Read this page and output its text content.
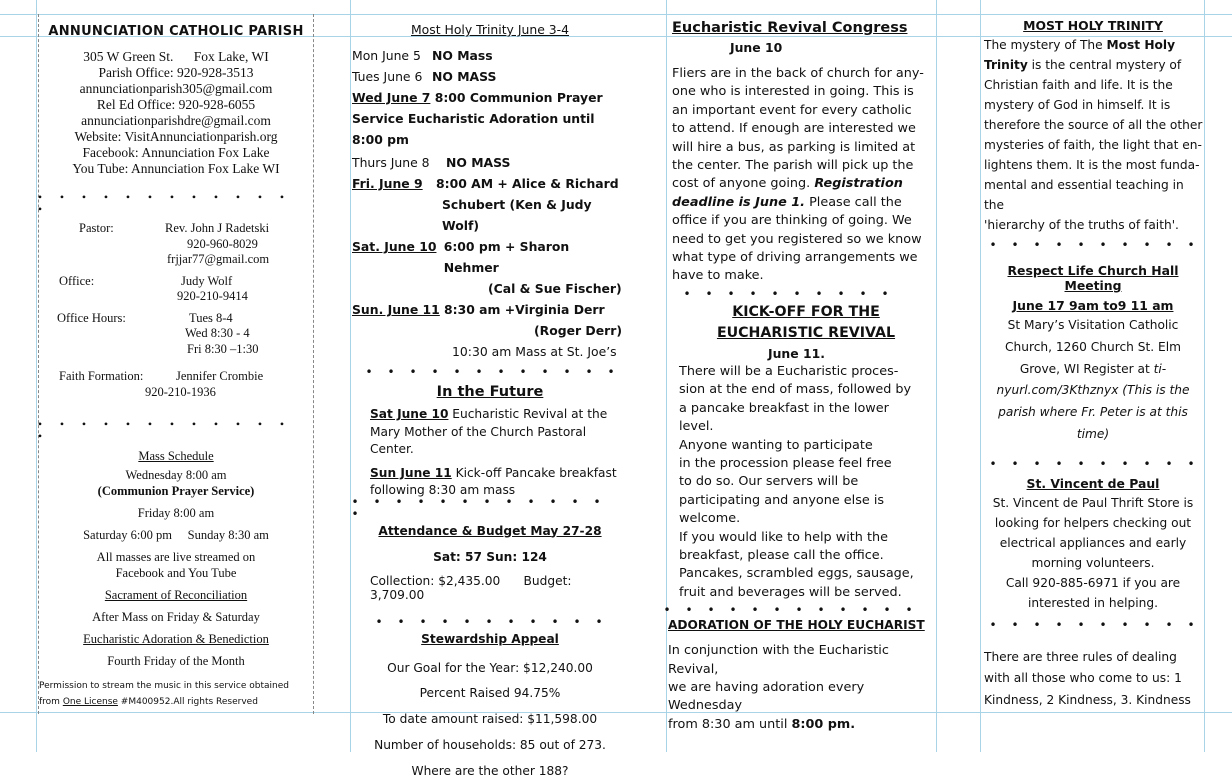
ANNUNCIATION CATHOLIC PARISH
305 W Green St. Fox Lake, WI
Parish Office: 920-928-3513
annunciationparish305@gmail.com
Rel Ed Office: 920-928-6055
annunciationparishdre@gmail.com
Website: VisitAnnunciationparish.org
Facebook: Annunciation Fox Lake
You Tube: Annunciation Fox Lake WI
• • • • • • • • • • • ••
Pastor:	Rev. John J Radetski
920-960-8029
frjjar77@gmail.com
Office:	Judy Wolf
920-210-9414
Office Hours:	Tues 8-4
Wed 8:30 - 4
Fri 8:30 –1:30
Faith Formation:	Jennifer Crombie
920-210-1936
• • • • • • • • • • • ••
Mass Schedule
Wednesday 8:00 am
(Communion Prayer Service)
Friday 8:00 am
Saturday 6:00 pm Sunday 8:30 am
All masses are live streamed on
Facebook and You Tube
Sacrament of Reconciliation
After Mass on Friday & Saturday
Eucharistic Adoration & Benediction
Fourth Friday of the Month
Permission to stream the music in this service obtained
from One License #M400952.All rights Reserved
Most Holy Trinity June 3-4
Mon June 5 NO Mass
Tues June 6 NO MASS
Wed June 7 8:00 Communion Prayer
Service Eucharistic Adoration until 8:00 pm
Thurs June 8	NO MASS
Fri. June 9	8:00 AM + Alice & Richard
Schubert (Ken & Judy Wolf)
Sat. June 10 6:00 pm + Sharon Nehmer
(Cal & Sue Fischer)
Sun. June 11 8:30 am +Virginia Derr
(Roger Derr)
10:30 am Mass at St. Joe’s
• • • • • • • • • • • •
In the Future
Sat June 10 Eucharistic Revival at the
Mary Mother of the Church Pastoral
Center.
Sun June 11 Kick-off Pancake breakfast
following 8:30 am mass
• • • • • • • • • • • ••
Attendance & Budget May 27-28
Sat: 57 Sun: 124
Collection: $2,435.00 Budget: 3,709.00
• • • • • • • • • • •
Stewardship Appeal
Our Goal for the Year: $12,240.00
Percent Raised 94.75%
To date amount raised: $11,598.00
Number of households: 85 out of 273.
Where are the other 188?
Eucharistic Revival Congress
June 10
Fliers are in the back of church for any-
one who is interested in going. This is
an important event for every catholic
to attend. If enough are interested we
will hire a bus, as parking is limited at
the center. The parish will pick up the
cost of anyone going. Registration
deadline is June 1. Please call the
office if you are thinking of going. We
need to get you registered so we know
what type of driving arrangements we
have to make.
• • • • • • • • • •
KICK-OFF FOR THE
EUCHARISTIC REVIVAL
June 11.
There will be a Eucharistic proces-
sion at the end of mass, followed by
a pancake breakfast in the lower
level.
Anyone wanting to participate
in the procession please feel free
to do so. Our servers will be
participating and anyone else is
welcome.
If you would like to help with the
breakfast, please call the office.
Pancakes, scrambled eggs, sausage,
fruit and beverages will be served.
• • • • • • • • • • • •
ADORATION OF THE HOLY EUCHARIST
In conjunction with the Eucharistic Revival,
we are having adoration every Wednesday
from 8:30 am until 8:00 pm.
MOST HOLY TRINITY
The mystery of The Most Holy
Trinity is the central mystery of
Christian faith and life. It is the
mystery of God in himself. It is
therefore the source of all the other
mysteries of faith, the light that en-
lightens them. It is the most funda-
mental and essential teaching in the
'hierarchy of the truths of faith'.
• • • • • • • • • •
Respect Life Church Hall Meeting
June 17 9am to9 11 am
St Mary’s Visitation Catholic
Church, 1260 Church St. Elm
Grove, WI Register at ti-
nyurl.com/3Kthznyx (This is the
parish where Fr. Peter is at this
time)
• • • • • • • • • •
St. Vincent de Paul
St. Vincent de Paul Thrift Store is
looking for helpers checking out
electrical appliances and early
morning volunteers.
Call 920-885-6971 if you are
interested in helping.
• • • • • • • • • •
There are three rules of dealing
with all those who come to us: 1
Kindness, 2 Kindness, 3. Kindness
